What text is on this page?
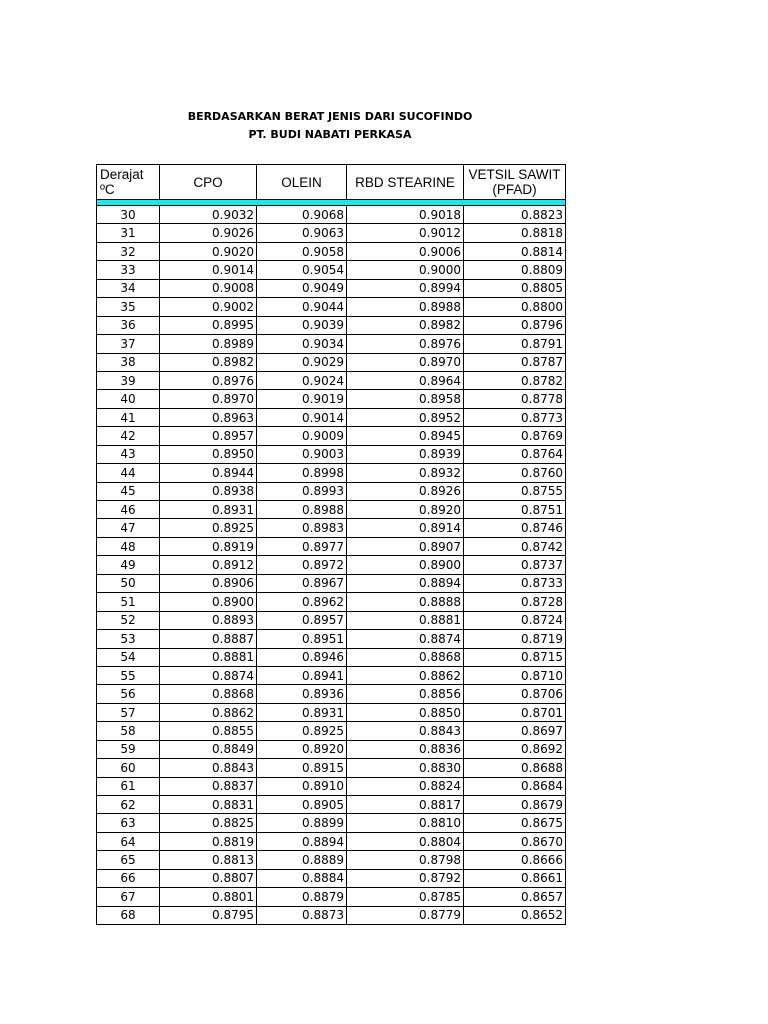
BERDASARKAN BERAT JENIS DARI SUCOFINDO
PT. BUDI NABATI PERKASA
Derajat ºC	CPO	OLEIN	RBD STEARINE	VETSIL SAWIT
(PFAD)

30	0.9032	0.9068	0.9018	0.8823
31	0.9026	0.9063	0.9012	0.8818
32	0.9020	0.9058	0.9006	0.8814
33	0.9014	0.9054	0.9000	0.8809
34	0.9008	0.9049	0.8994	0.8805
35	0.9002	0.9044	0.8988	0.8800
36	0.8995	0.9039	0.8982	0.8796
37	0.8989	0.9034	0.8976	0.8791
38	0.8982	0.9029	0.8970	0.8787
39	0.8976	0.9024	0.8964	0.8782
40	0.8970	0.9019	0.8958	0.8778
41	0.8963	0.9014	0.8952	0.8773
42	0.8957	0.9009	0.8945	0.8769
43	0.8950	0.9003	0.8939	0.8764
44	0.8944	0.8998	0.8932	0.8760
45	0.8938	0.8993	0.8926	0.8755
46	0.8931	0.8988	0.8920	0.8751
47	0.8925	0.8983	0.8914	0.8746
48	0.8919	0.8977	0.8907	0.8742
49	0.8912	0.8972	0.8900	0.8737
50	0.8906	0.8967	0.8894	0.8733
51	0.8900	0.8962	0.8888	0.8728
52	0.8893	0.8957	0.8881	0.8724
53	0.8887	0.8951	0.8874	0.8719
54	0.8881	0.8946	0.8868	0.8715
55	0.8874	0.8941	0.8862	0.8710
56	0.8868	0.8936	0.8856	0.8706
57	0.8862	0.8931	0.8850	0.8701
58	0.8855	0.8925	0.8843	0.8697
59	0.8849	0.8920	0.8836	0.8692
60	0.8843	0.8915	0.8830	0.8688
61	0.8837	0.8910	0.8824	0.8684
62	0.8831	0.8905	0.8817	0.8679
63	0.8825	0.8899	0.8810	0.8675
64	0.8819	0.8894	0.8804	0.8670
65	0.8813	0.8889	0.8798	0.8666
66	0.8807	0.8884	0.8792	0.8661
67	0.8801	0.8879	0.8785	0.8657
68	0.8795	0.8873	0.8779	0.8652
